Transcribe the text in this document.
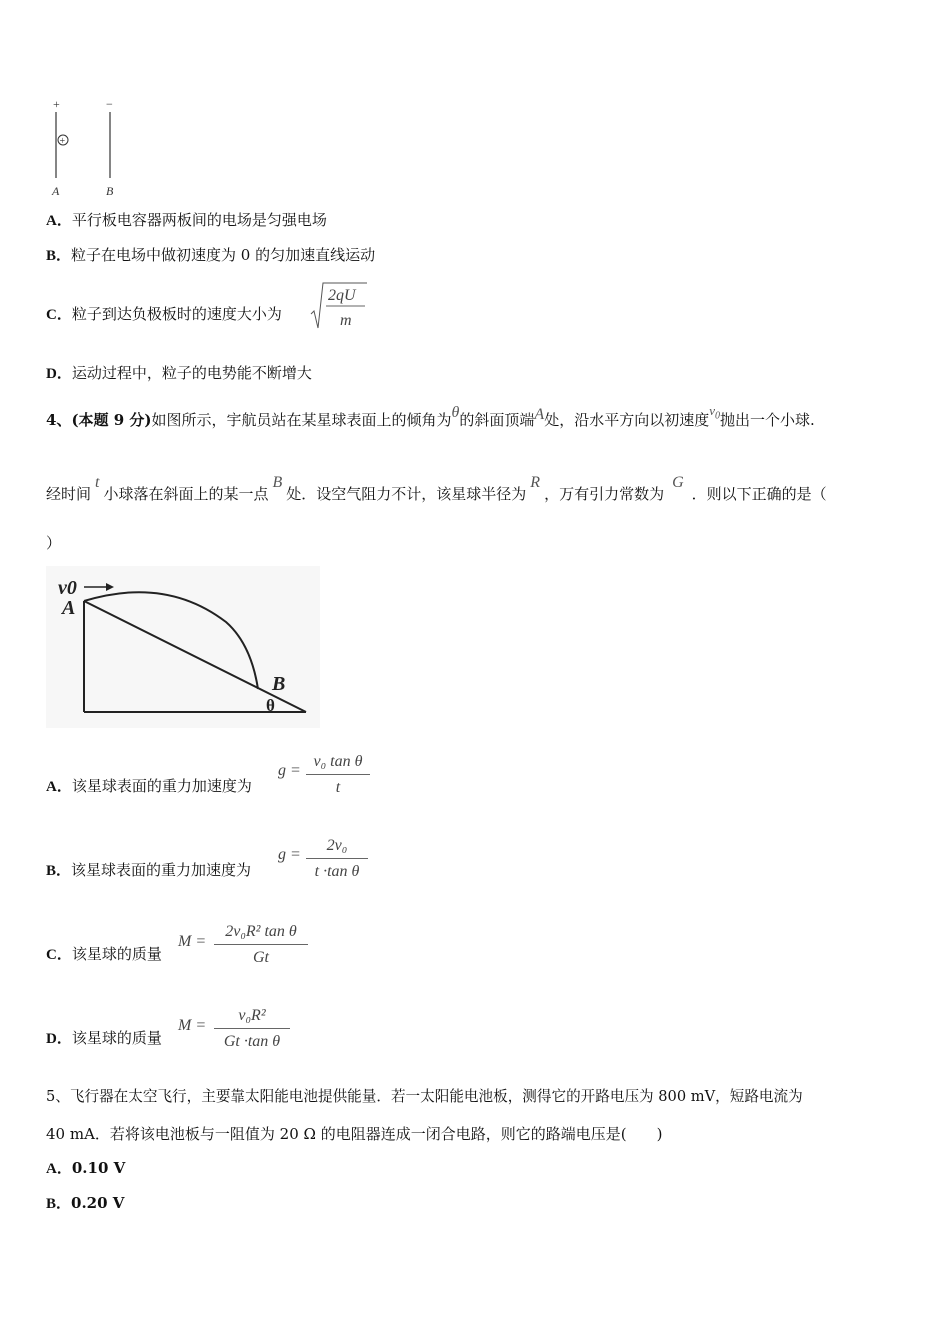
+	−
+
A	B
A．平行板电容器两板间的电场是匀强电场
B．粒子在电场中做初速度为 0 的匀加速直线运动
C．粒子到达负极板时的速度大小为
2qU
m
D．运动过程中，粒子的电势能不断增大
4、(本题 9 分)如图所示，宇航员站在某星球表面上的倾角为θ的斜面顶端A处，沿水平方向以初速度$v_0$抛出一个小球.
经时间t小球落在斜面上的某一点B处．设空气阻力不计，该星球半径为R，万有引力常数为G．则以下正确的是（
）
v0
A
B
θ
A．该星球表面的重力加速度为
g =
v₀ tan θ
t
B．该星球表面的重力加速度为
g =
2v₀
t ·tan θ
C．该星球的质量
M =
2v₀R² tan θ
Gt
D．该星球的质量
M =
v₀R²
Gt ·tan θ
5、飞行器在太空飞行，主要靠太阳能电池提供能量．若一太阳能电池板，测得它的开路电压为 800 mV，短路电流为
40 mA．若将该电池板与一阻值为 20 Ω 的电阻器连成一闭合电路，则它的路端电压是(　　)
A．0.10 V
B．0.20 V
